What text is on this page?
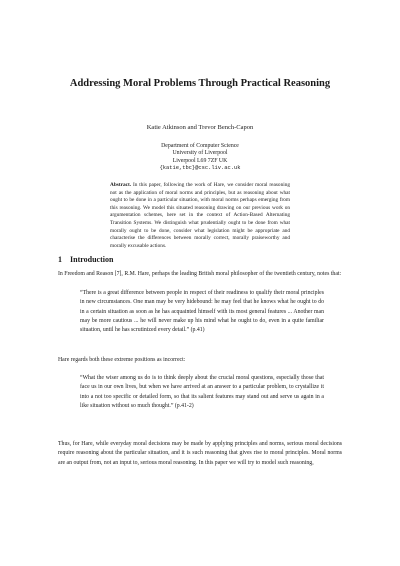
Addressing Moral Problems Through Practical Reasoning
Katie Atkinson and Trevor Bench-Capon
Department of Computer Science
University of Liverpool
Liverpool L69 7ZF UK
{katie,tbc}@csc.liv.ac.uk
Abstract. In this paper, following the work of Hare, we consider moral reasoning not as the application of moral norms and principles, but as reasoning about what ought to be done in a particular situation, with moral norms perhaps emerging from this reasoning. We model this situated reasoning drawing on our previous work on argumentation schemes, here set in the context of Action-Based Alternating Transition Systems. We distinguish what prudentially ought to be done from what morally ought to be done, consider what legislation might be appropriate and characterise the differences between morally correct, morally praiseworthy and morally excusable actions.
1 Introduction
In Freedom and Reason [7], R.M. Hare, perhaps the leading British moral philosopher of the twentieth century, notes that:
“There is a great difference between people in respect of their readiness to qualify their moral principles in new circumstances. One man may be very hidebound: he may feel that he knows what he ought to do in a certain situation as soon as he has acquainted himself with its most general features ... Another man may be more cautious ... he will never make up his mind what he ought to do, even in a quite familiar situation, until he has scrutinized every detail.” (p.41)
Hare regards both these extreme positions as incorrect:
“What the wiser among us do is to think deeply about the crucial moral questions, especially those that face us in our own lives, but when we have arrived at an answer to a particular problem, to crystallize it into a not too specific or detailed form, so that its salient features may stand out and serve us again in a like situation without so much thought.” (p.41-2)
Thus, for Hare, while everyday moral decisions may be made by applying principles and norms, serious moral decisions require reasoning about the particular situation, and it is such reasoning that gives rise to moral principles. Moral norms are an output from, not an input to, serious moral reasoning. In this paper we will try to model such reasoning,
